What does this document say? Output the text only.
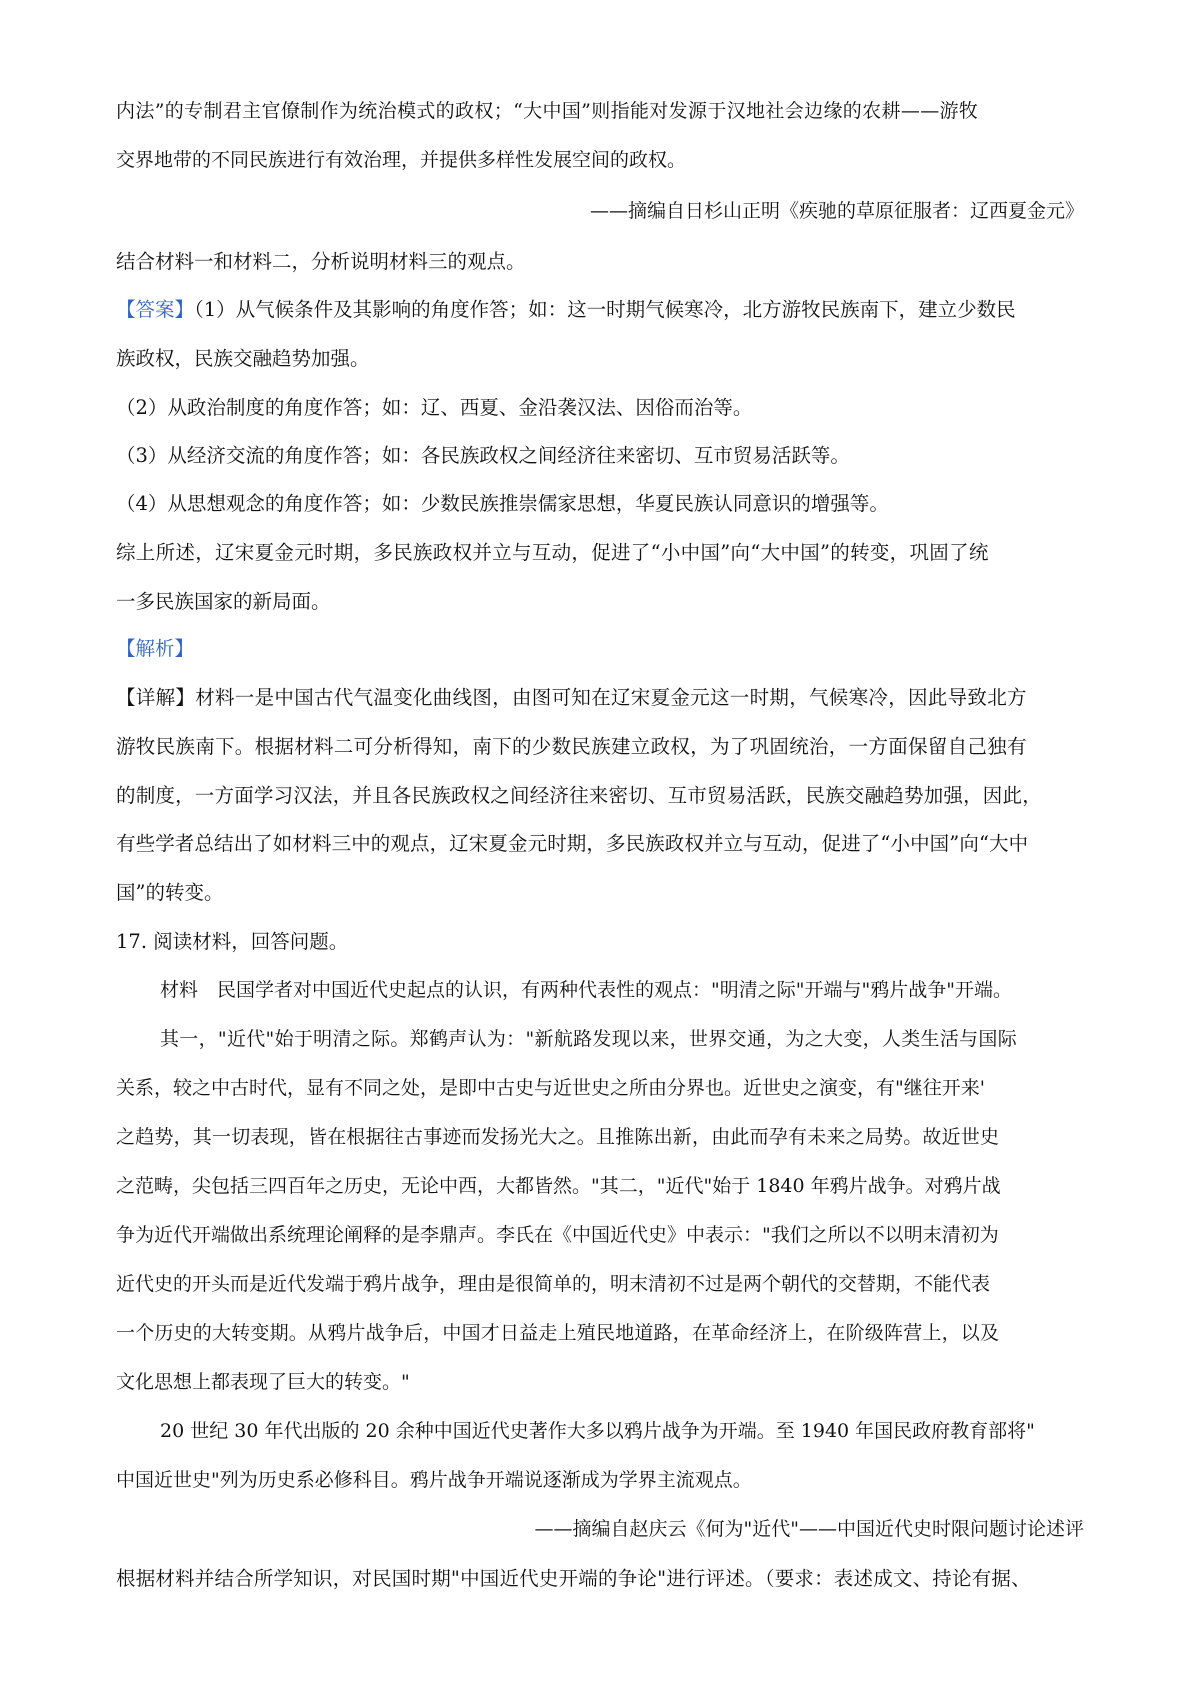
内法”的专制君主官僚制作为统治模式的政权；“大中国”则指能对发源于汉地社会边缘的农耕——游牧
交界地带的不同民族进行有效治理，并提供多样性发展空间的政权。
——摘编自日杉山正明《疾驰的草原征服者：辽西夏金元》
结合材料一和材料二，分析说明材料三的观点。
【答案】（1）从气候条件及其影响的角度作答；如：这一时期气候寒冷，北方游牧民族南下，建立少数民
族政权，民族交融趋势加强。
（2）从政治制度的角度作答；如：辽、西夏、金沿袭汉法、因俗而治等。
（3）从经济交流的角度作答；如：各民族政权之间经济往来密切、互市贸易活跃等。
（4）从思想观念的角度作答；如：少数民族推崇儒家思想，华夏民族认同意识的增强等。
综上所述，辽宋夏金元时期，多民族政权并立与互动，促进了“小中国”向“大中国”的转变，巩固了统
一多民族国家的新局面。
【解析】
【详解】材料一是中国古代气温变化曲线图，由图可知在辽宋夏金元这一时期，气候寒冷，因此导致北方
游牧民族南下。根据材料二可分析得知，南下的少数民族建立政权，为了巩固统治，一方面保留自己独有
的制度，一方面学习汉法，并且各民族政权之间经济往来密切、互市贸易活跃，民族交融趋势加强，因此，
有些学者总结出了如材料三中的观点，辽宋夏金元时期，多民族政权并立与互动，促进了“小中国”向“大中
国”的转变。
17. 阅读材料，回答问题。
材料　民国学者对中国近代史起点的认识，有两种代表性的观点："明清之际"开端与"鸦片战争"开端。
其一，"近代"始于明清之际。郑鹤声认为："新航路发现以来，世界交通，为之大变，人类生活与国际
关系，较之中古时代，显有不同之处，是即中古史与近世史之所由分界也。近世史之演变，有"继往开来'
之趋势，其一切表现，皆在根据往古事迹而发扬光大之。且推陈出新，由此而孕有未来之局势。故近世史
之范畴，尖包括三四百年之历史，无论中西，大都皆然。"其二，"近代"始于 1840 年鸦片战争。对鸦片战
争为近代开端做出系统理论阐释的是李鼎声。李氏在《中国近代史》中表示："我们之所以不以明末清初为
近代史的开头而是近代发端于鸦片战争，理由是很简单的，明末清初不过是两个朝代的交替期，不能代表
一个历史的大转变期。从鸦片战争后，中国才日益走上殖民地道路，在革命经济上，在阶级阵营上，以及
文化思想上都表现了巨大的转变。"
20 世纪 30 年代出版的 20 余种中国近代史著作大多以鸦片战争为开端。至 1940 年国民政府教育部将"
中国近世史"列为历史系必修科目。鸦片战争开端说逐渐成为学界主流观点。
——摘编自赵庆云《何为"近代"——中国近代史时限问题讨论述评
根据材料并结合所学知识，对民国时期"中国近代史开端的争论"进行评述。（要求：表述成文、持论有据、
